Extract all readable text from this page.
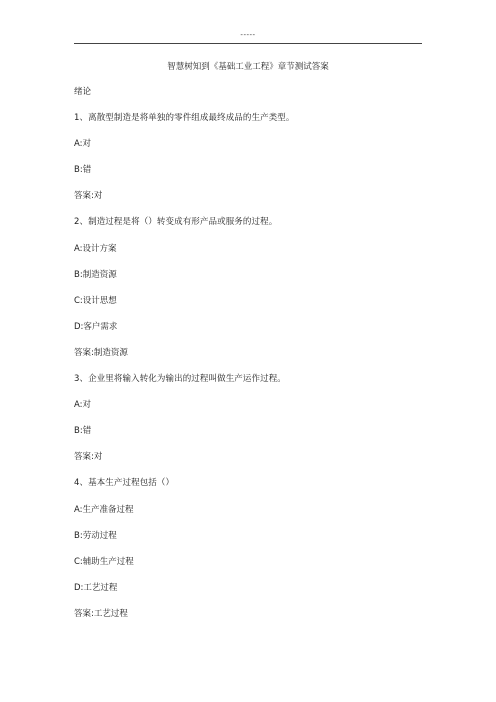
-----
智慧树知到《基础工业工程》章节测试答案
绪论
1、离散型制造是将单独的零件组成最终成品的生产类型。
A:对
B:错
答案:对
2、制造过程是将（）转变成有形产品或服务的过程。
A:设计方案
B:制造资源
C:设计思想
D:客户需求
答案:制造资源
3、企业里将输入转化为输出的过程叫做生产运作过程。
A:对
B:错
答案:对
4、基本生产过程包括（）
A:生产准备过程
B:劳动过程
C:辅助生产过程
D:工艺过程
答案:工艺过程
